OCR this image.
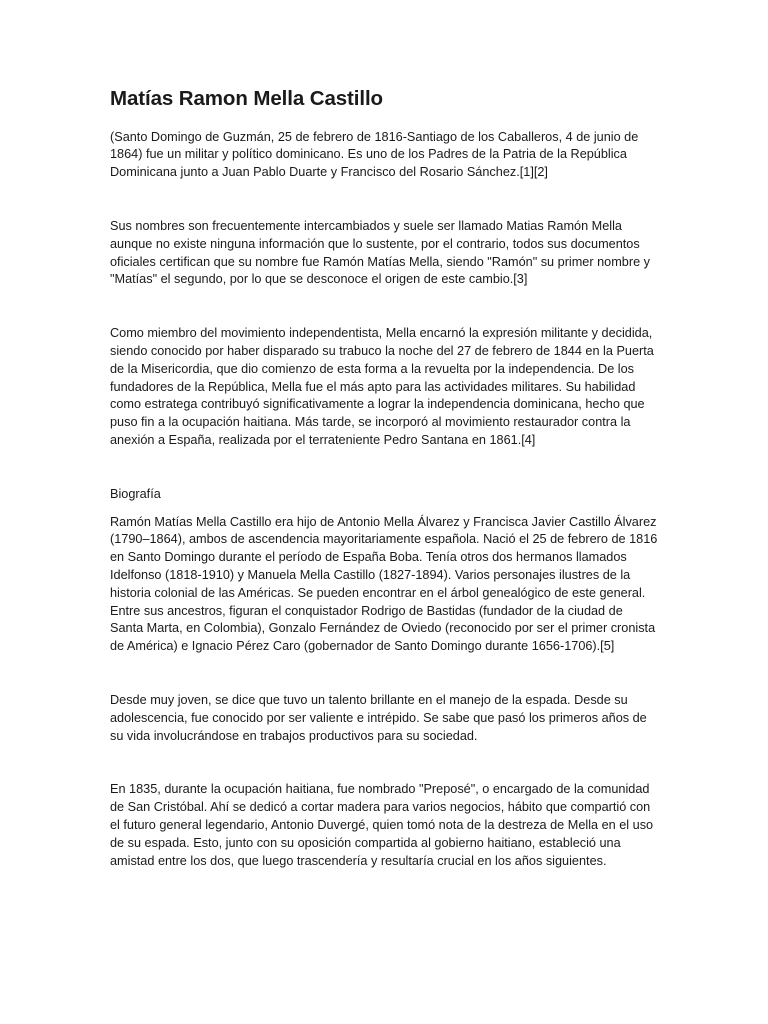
Matías Ramon Mella Castillo

(Santo Domingo de Guzmán, 25 de febrero de 1816-Santiago de los Caballeros, 4 de junio de 1864) fue un militar y político dominicano. Es uno de los Padres de la Patria de la República Dominicana junto a Juan Pablo Duarte y Francisco del Rosario Sánchez.[1][2]

Sus nombres son frecuentemente intercambiados y suele ser llamado Matias Ramón Mella aunque no existe ninguna información que lo sustente, por el contrario, todos sus documentos oficiales certifican que su nombre fue Ramón Matías Mella, siendo "Ramón" su primer nombre y "Matías" el segundo, por lo que se desconoce el origen de este cambio.[3]

Como miembro del movimiento independentista, Mella encarnó la expresión militante y decidida, siendo conocido por haber disparado su trabuco la noche del 27 de febrero de 1844 en la Puerta de la Misericordia, que dio comienzo de esta forma a la revuelta por la independencia. De los fundadores de la República, Mella fue el más apto para las actividades militares. Su habilidad como estratega contribuyó significativamente a lograr la independencia dominicana, hecho que puso fin a la ocupación haitiana. Más tarde, se incorporó al movimiento restaurador contra la anexión a España, realizada por el terrateniente Pedro Santana en 1861.[4]

Biografía

Ramón Matías Mella Castillo era hijo de Antonio Mella Álvarez y Francisca Javier Castillo Álvarez (1790–1864), ambos de ascendencia mayoritariamente española. Nació el 25 de febrero de 1816 en Santo Domingo durante el período de España Boba. Tenía otros dos hermanos llamados Idelfonso (1818-1910) y Manuela Mella Castillo (1827-1894). Varios personajes ilustres de la historia colonial de las Américas. Se pueden encontrar en el árbol genealógico de este general. Entre sus ancestros, figuran el conquistador Rodrigo de Bastidas (fundador de la ciudad de Santa Marta, en Colombia), Gonzalo Fernández de Oviedo (reconocido por ser el primer cronista de América) e Ignacio Pérez Caro (gobernador de Santo Domingo durante 1656-1706).[5]

Desde muy joven, se dice que tuvo un talento brillante en el manejo de la espada. Desde su adolescencia, fue conocido por ser valiente e intrépido. Se sabe que pasó los primeros años de su vida involucrándose en trabajos productivos para su sociedad.

En 1835, durante la ocupación haitiana, fue nombrado "Preposé", o encargado de la comunidad de San Cristóbal. Ahí se dedicó a cortar madera para varios negocios, hábito que compartió con el futuro general legendario, Antonio Duvergé, quien tomó nota de la destreza de Mella en el uso de su espada. Esto, junto con su oposición compartida al gobierno haitiano, estableció una amistad entre los dos, que luego trascendería y resultaría crucial en los años siguientes.
